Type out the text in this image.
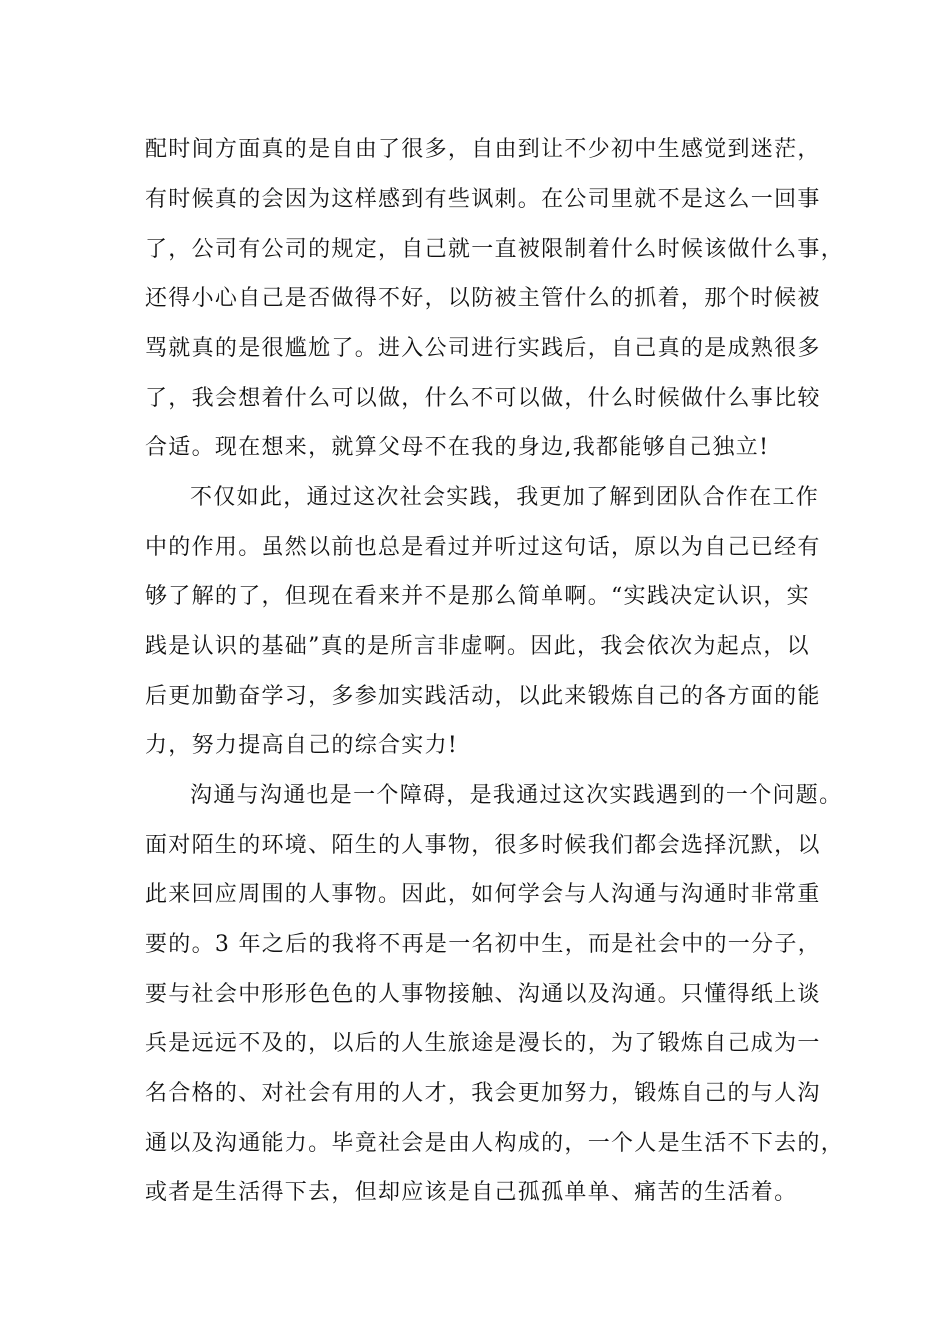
配时间方面真的是自由了很多，自由到让不少初中生感觉到迷茫，
有时候真的会因为这样感到有些讽刺。在公司里就不是这么一回事
了，公司有公司的规定，自己就一直被限制着什么时候该做什么事，
还得小心自己是否做得不好，以防被主管什么的抓着，那个时候被
骂就真的是很尴尬了。进入公司进行实践后，自己真的是成熟很多
了，我会想着什么可以做，什么不可以做，什么时候做什么事比较
合适。现在想来，就算父母不在我的身边,我都能够自己独立!
不仅如此，通过这次社会实践，我更加了解到团队合作在工作
中的作用。虽然以前也总是看过并听过这句话，原以为自己已经有
够了解的了，但现在看来并不是那么简单啊。“实践决定认识，实
践是认识的基础”真的是所言非虚啊。因此，我会依次为起点，以
后更加勤奋学习，多参加实践活动，以此来锻炼自己的各方面的能
力，努力提高自己的综合实力!
沟通与沟通也是一个障碍，是我通过这次实践遇到的一个问题。
面对陌生的环境、陌生的人事物，很多时候我们都会选择沉默，以
此来回应周围的人事物。因此，如何学会与人沟通与沟通时非常重
要的。3 年之后的我将不再是一名初中生，而是社会中的一分子，
要与社会中形形色色的人事物接触、沟通以及沟通。只懂得纸上谈
兵是远远不及的，以后的人生旅途是漫长的，为了锻炼自己成为一
名合格的、对社会有用的人才，我会更加努力，锻炼自己的与人沟
通以及沟通能力。毕竟社会是由人构成的，一个人是生活不下去的，
或者是生活得下去，但却应该是自己孤孤单单、痛苦的生活着。
